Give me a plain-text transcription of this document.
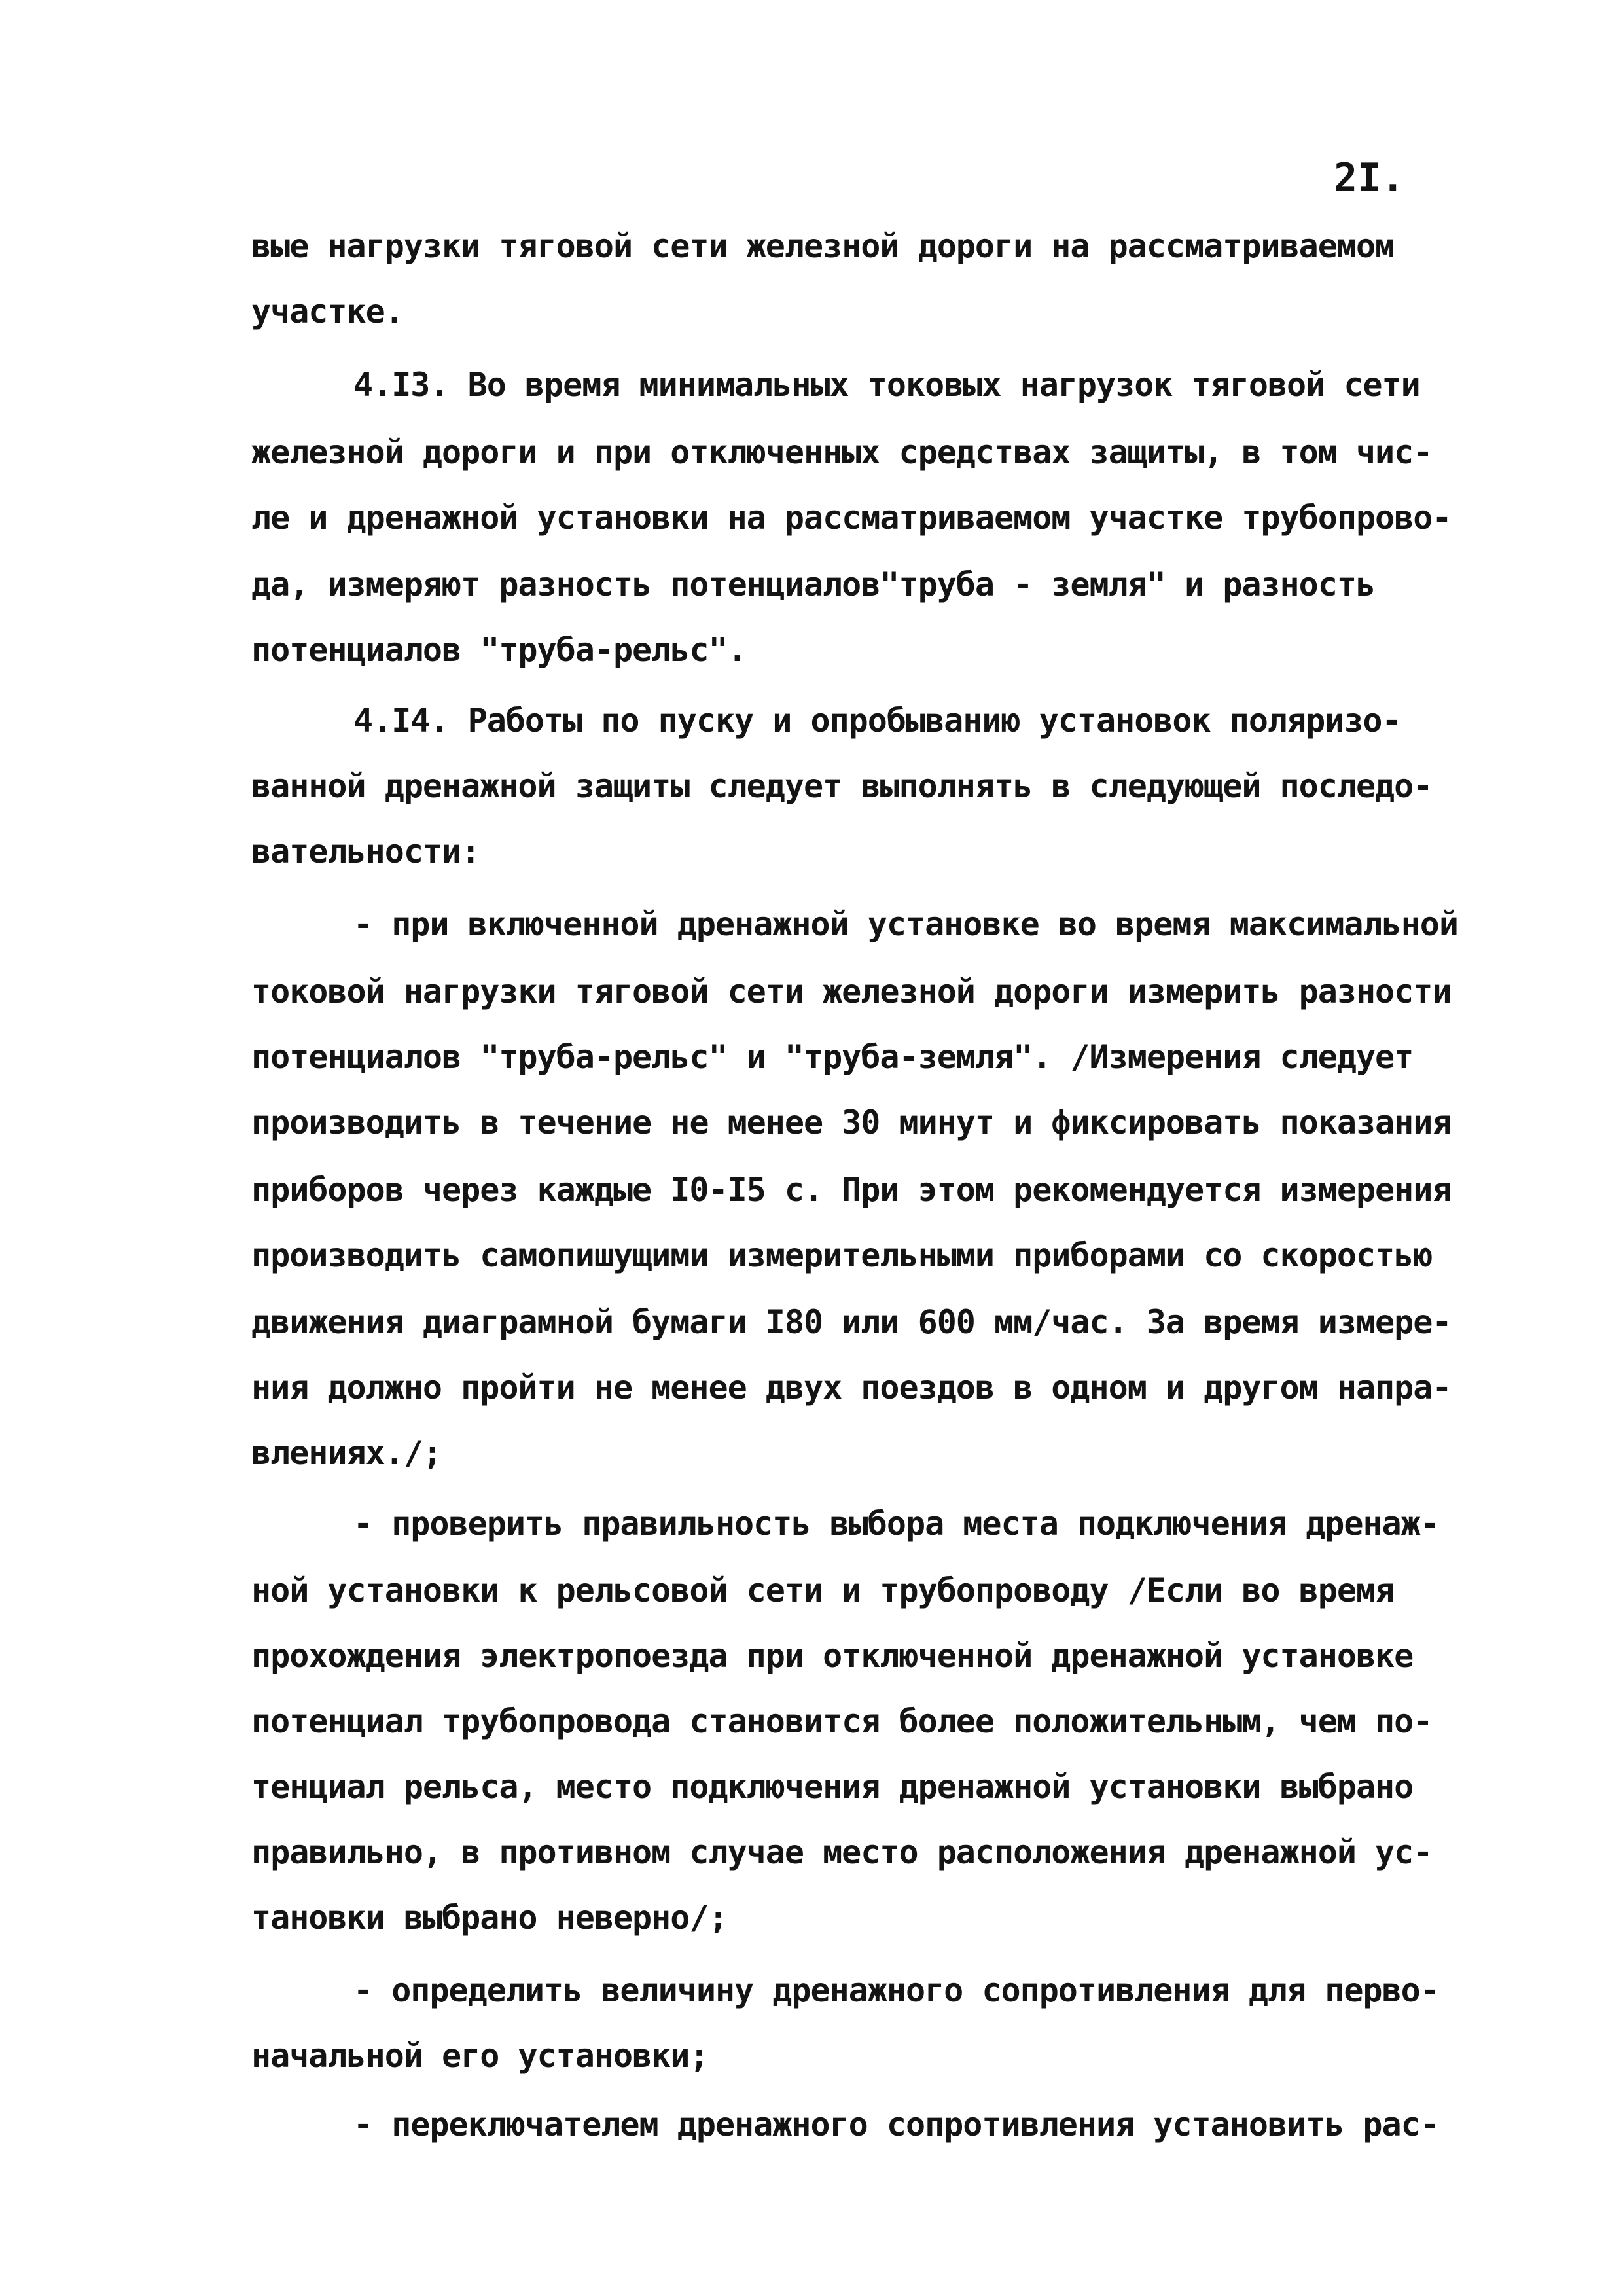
2I.
вые нагрузки тяговой сети железной дороги на рассматриваемом
участке.
4.I3. Во время минимальных токовых нагрузок тяговой сети
железной дороги и при отключенных средствах защиты, в том чис-
ле и дренажной установки на рассматриваемом участке трубопрово-
да, измеряют разность потенциалов"труба - земля" и разность
потенциалов "труба-рельс".
4.I4. Работы по пуску и опробыванию установок поляризо-
ванной дренажной защиты следует выполнять в следующей последо-
вательности:
- при включенной дренажной установке во время максимальной
токовой нагрузки тяговой сети железной дороги измерить разности
потенциалов "труба-рельс" и "труба-земля". /Измерения следует
производить в течение не менее 30 минут и фиксировать показания
приборов через каждые I0-I5 с. При этом рекомендуется измерения
производить самопишущими измерительными приборами со скоростью
движения диаграмной бумаги I80 или 600 мм/час. За время измере-
ния должно пройти не менее двух поездов в одном и другом напра-
влениях./;
- проверить правильность выбора места подключения дренаж-
ной установки к рельсовой сети и трубопроводу /Если во время
прохождения электропоезда при отключенной дренажной установке
потенциал трубопровода становится более положительным, чем по-
тенциал рельса, место подключения дренажной установки выбрано
правильно, в противном случае место расположения дренажной ус-
тановки выбрано неверно/;
- определить величину дренажного сопротивления для перво-
начальной его установки;
- переключателем дренажного сопротивления установить рас-
